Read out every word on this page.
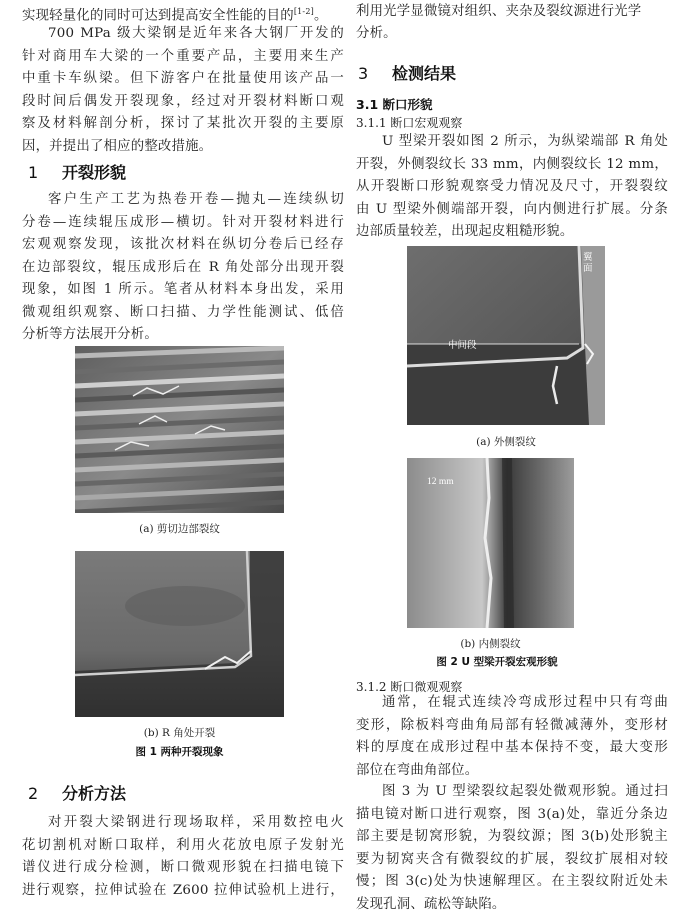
实现轻量化的同时可达到提高安全性能的目的[1-2]。

700 MPa 级大梁钢是近年来各大钢厂开发的

针对商用车大梁的一个重要产品，主要用来生产

中重卡车纵梁。但下游客户在批量使用该产品一

段时间后偶发开裂现象，经过对开裂材料断口观

察及材料解剖分析，探讨了某批次开裂的主要原

因，并提出了相应的整改措施。

1 开裂形貌

客户生产工艺为热卷开卷—抛丸—连续纵切

分卷—连续辊压成形—横切。针对开裂材料进行

宏观观察发现，该批次材料在纵切分卷后已经存

在边部裂纹，辊压成形后在 R 角处部分出现开裂

现象，如图 1 所示。笔者从材料本身出发，采用

微观组织观察、断口扫描、力学性能测试、低倍

分析等方法展开分析。

(a) 剪切边部裂纹
(b) R 角处开裂
图 1 两种开裂现象
2 分析方法

对开裂大梁钢进行现场取样，采用数控电火

花切割机对断口取样，利用火花放电原子发射光

谱仪进行成分检测，断口微观形貌在扫描电镜下

进行观察，拉伸试验在 Z600 拉伸试验机上进行，

利用光学显微镜对组织、夹杂及裂纹源进行光学

分析。

3 检测结果
3.1 断口形貌
3.1.1 断口宏观观察

U 型梁开裂如图 2 所示，为纵梁端部 R 角处

开裂，外侧裂纹长 33 mm，内侧裂纹长 12 mm，

从开裂断口形貌观察受力情况及尺寸，开裂裂纹

由 U 型梁外侧端部开裂，向内侧进行扩展。分条

边部质量较差，出现起皮粗糙形貌。

翼面
中间段
(a) 外侧裂纹
12 mm
(b) 内侧裂纹
图 2 U 型梁开裂宏观形貌
3.1.2 断口微观观察

通常，在辊式连续冷弯成形过程中只有弯曲

变形，除板料弯曲角局部有轻微减薄外，变形材

料的厚度在成形过程中基本保持不变，最大变形

部位在弯曲角部位。

图 3 为 U 型梁裂纹起裂处微观形貌。通过扫

描电镜对断口进行观察，图 3(a)处，靠近分条边

部主要是韧窝形貌，为裂纹源；图 3(b)处形貌主

要为韧窝夹含有微裂纹的扩展，裂纹扩展相对较

慢；图 3(c)处为快速解理区。在主裂纹附近处未

发现孔洞、疏松等缺陷。
